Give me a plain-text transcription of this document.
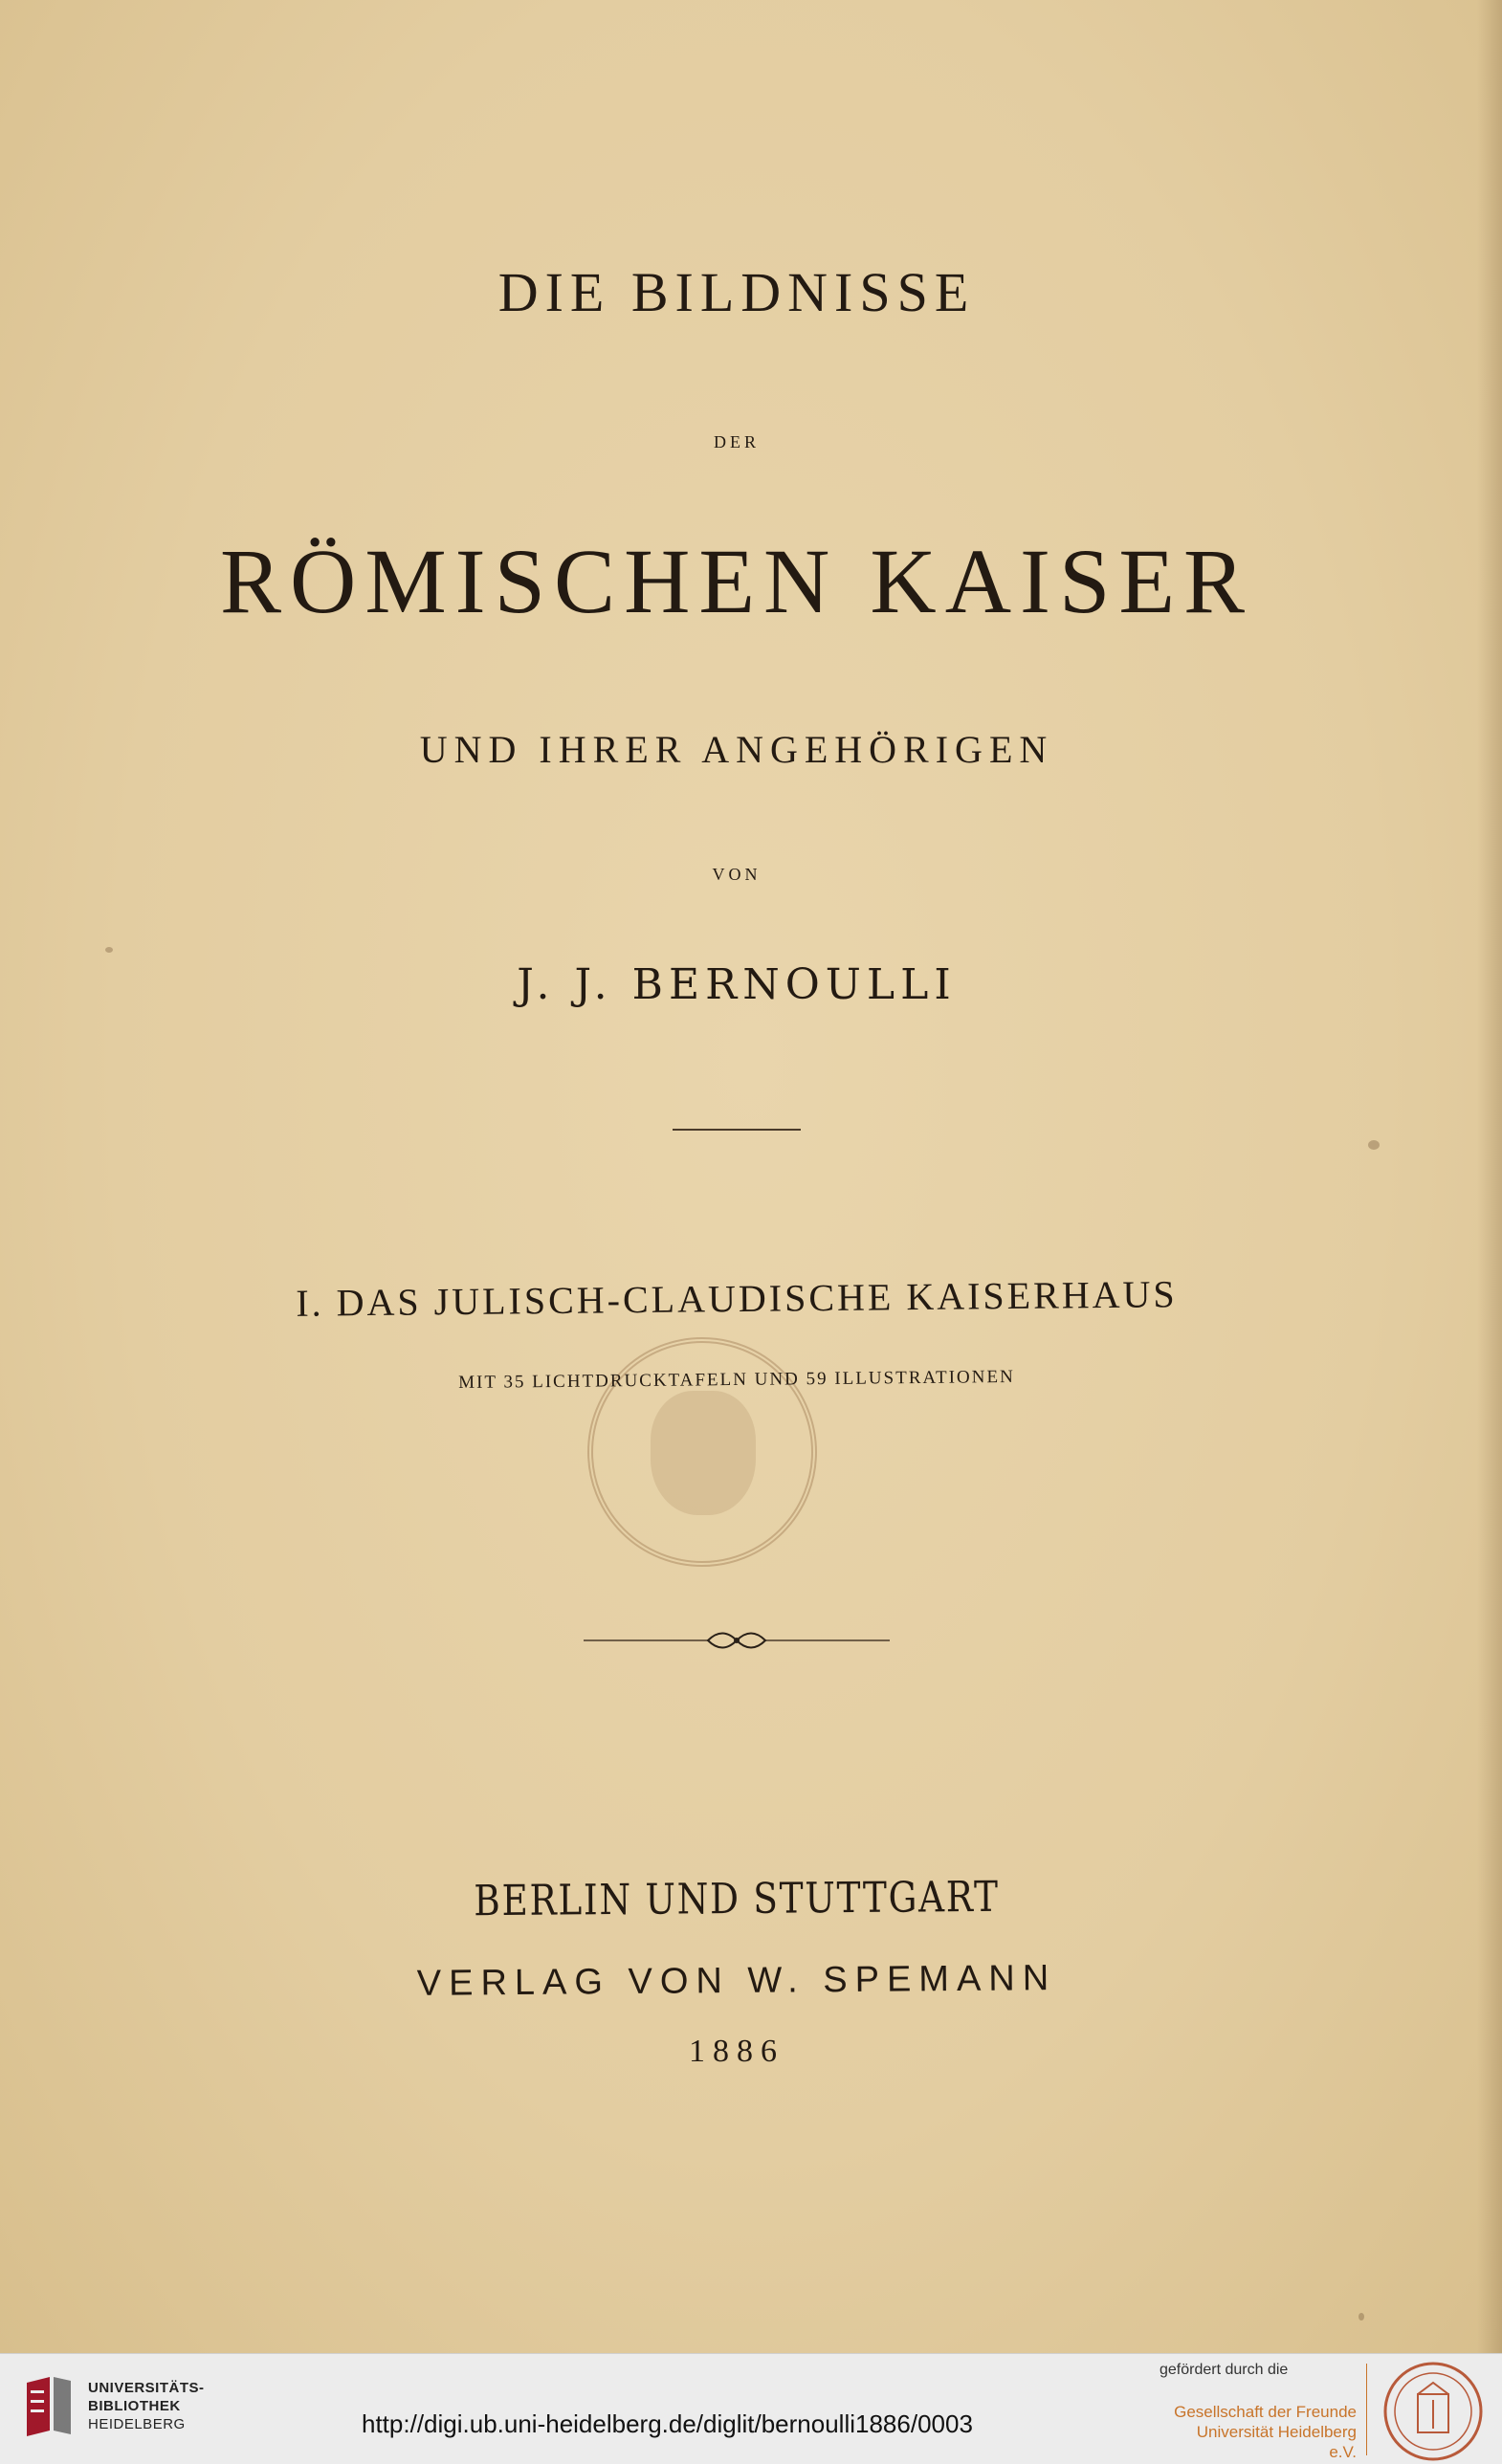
DIE BILDNISSE
DER
RÖMISCHEN KAISER
UND IHRER ANGEHÖRIGEN
VON
J. J. BERNOULLI
I. DAS JULISCH-CLAUDISCHE KAISERHAUS
MIT 35 LICHTDRUCKTAFELN UND 59 ILLUSTRATIONEN
BERLIN UND STUTTGART
VERLAG VON W. SPEMANN
1886
UNIVERSITÄTS-
BIBLIOTHEK
HEIDELBERG	http://digi.ub.uni-heidelberg.de/diglit/bernoulli1886/0003
gefördert durch die
Gesellschaft der Freunde
Universität Heidelberg e.V.
